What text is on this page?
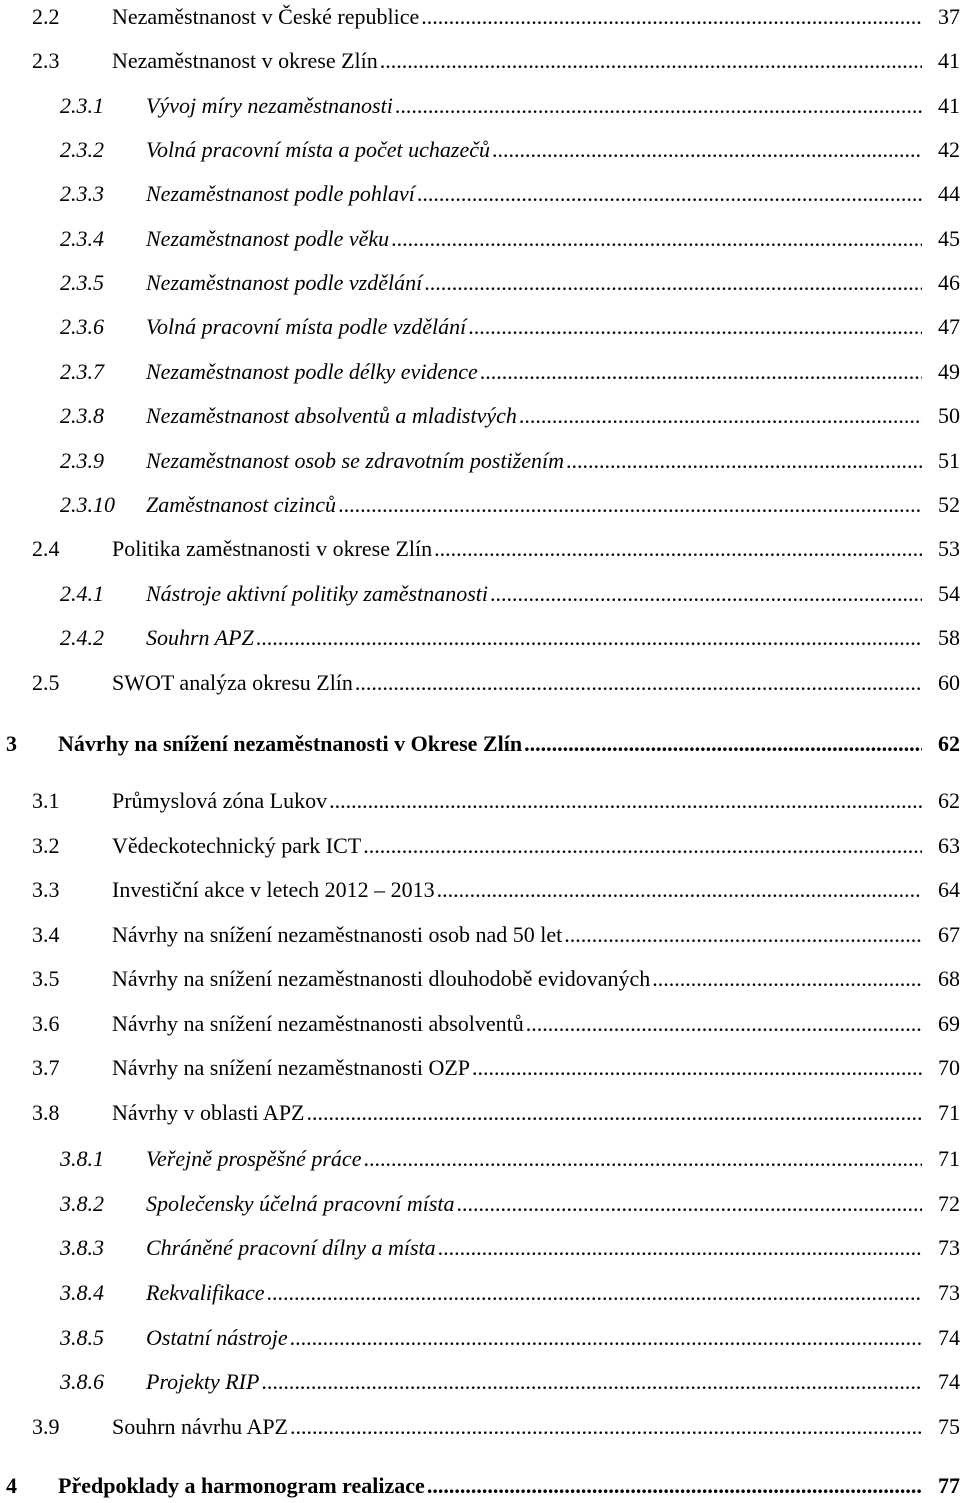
2.2	Nezaměstnanost v České republice .....	37
2.3	Nezaměstnanost v okrese Zlín .....	41
2.3.1	Vývoj míry nezaměstnanosti .....	41
2.3.2	Volná pracovní místa a počet uchazečů .....	42
2.3.3	Nezaměstnanost podle pohlaví .....	44
2.3.4	Nezaměstnanost podle věku .....	45
2.3.5	Nezaměstnanost podle vzdělání .....	46
2.3.6	Volná pracovní místa podle vzdělání .....	47
2.3.7	Nezaměstnanost podle délky evidence .....	49
2.3.8	Nezaměstnanost absolventů a mladistvých .....	50
2.3.9	Nezaměstnanost osob se zdravotním postižením .....	51
2.3.10	Zaměstnanost cizinců .....	52
2.4	Politika zaměstnanosti v okrese Zlín .....	53
2.4.1	Nástroje aktivní politiky zaměstnanosti .....	54
2.4.2	Souhrn APZ .....	58
2.5	SWOT analýza okresu Zlín .....	60
3	Návrhy na snížení nezaměstnanosti v Okrese Zlín .....	62
3.1	Průmyslová zóna Lukov .....	62
3.2	Vědeckotechnický park ICT .....	63
3.3	Investiční akce v letech 2012 – 2013 .....	64
3.4	Návrhy na snížení nezaměstnanosti osob nad 50 let .....	67
3.5	Návrhy na snížení nezaměstnanosti dlouhodobě evidovaných .....	68
3.6	Návrhy na snížení nezaměstnanosti absolventů .....	69
3.7	Návrhy na snížení nezaměstnanosti OZP .....	70
3.8	Návrhy v oblasti APZ .....	71
3.8.1	Veřejně prospěšné práce .....	71
3.8.2	Společensky účelná pracovní místa .....	72
3.8.3	Chráněné pracovní dílny a místa .....	73
3.8.4	Rekvalifikace .....	73
3.8.5	Ostatní nástroje .....	74
3.8.6	Projekty RIP .....	74
3.9	Souhrn návrhu APZ .....	75
4	Předpoklady a harmonogram realizace .....	77
